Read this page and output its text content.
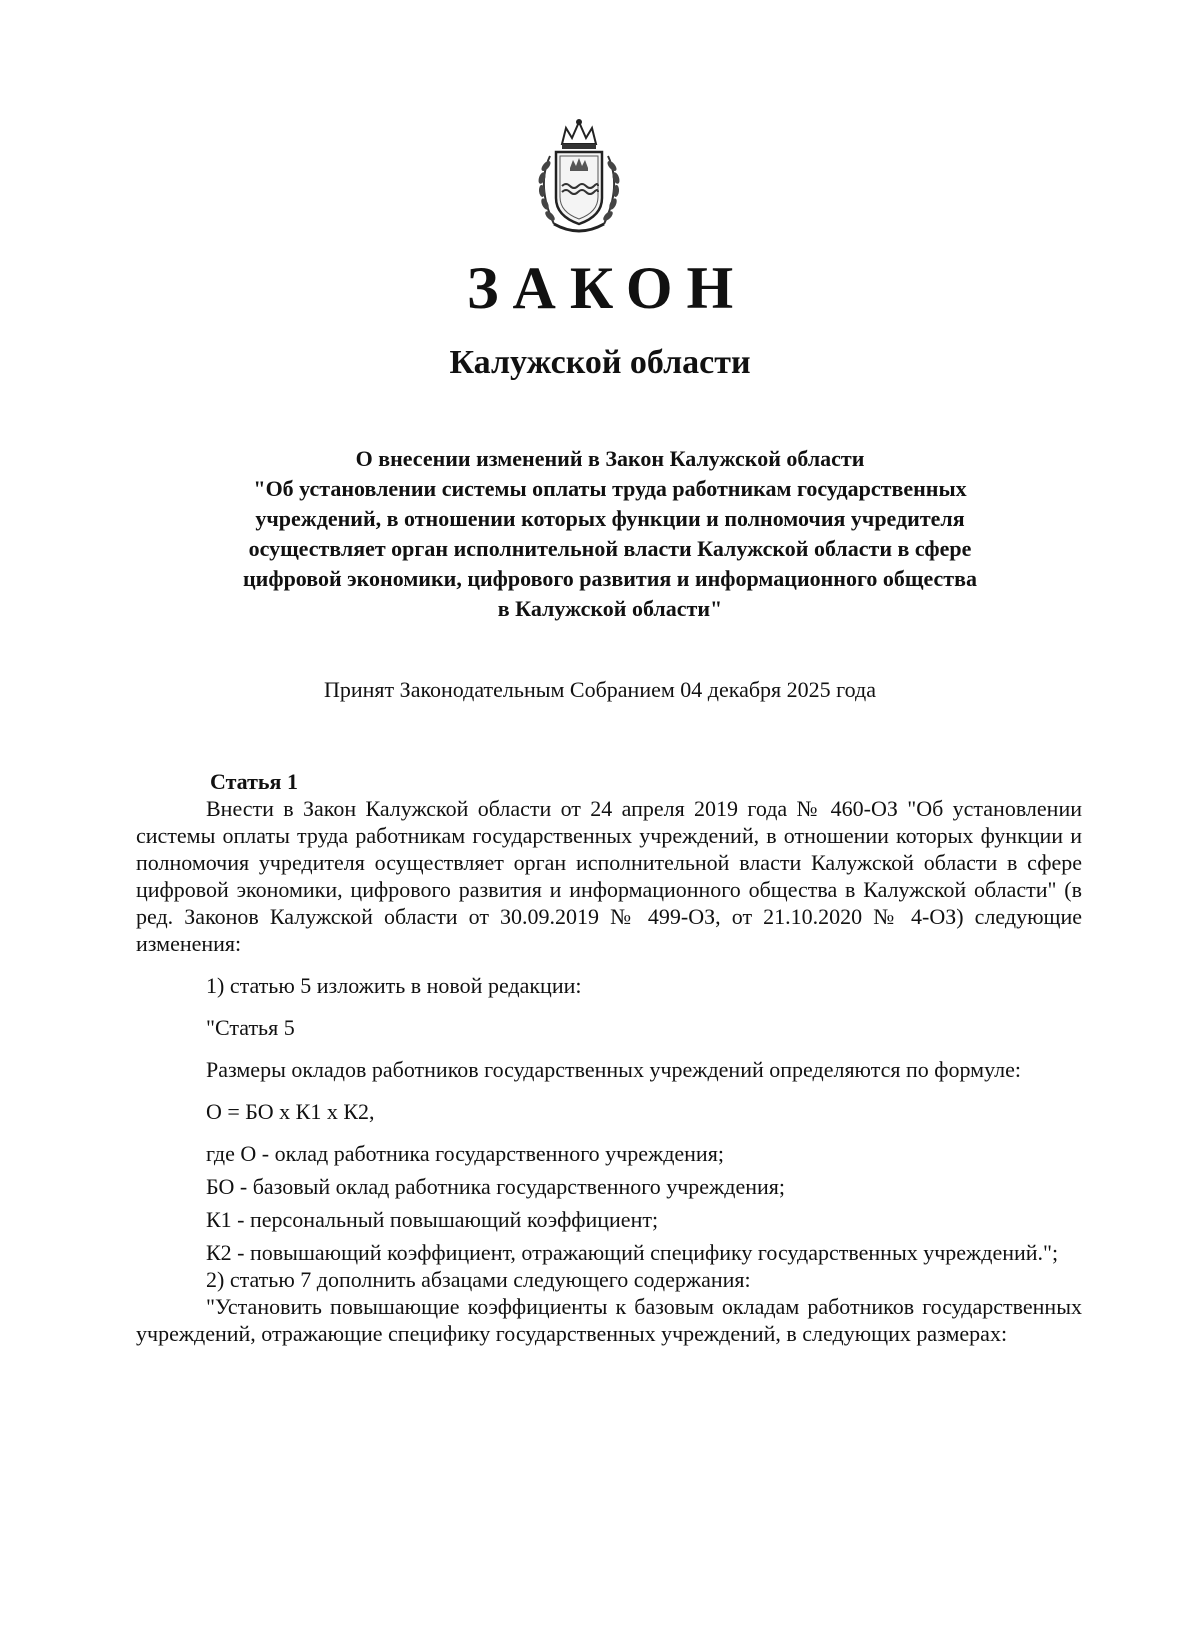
ЗАКОН
Калужской области
О внесении изменений в Закон Калужской области
"Об установлении системы оплаты труда работникам государственных
учреждений, в отношении которых функции и полномочия учредителя
осуществляет орган исполнительной власти Калужской области в сфере
цифровой экономики, цифрового развития и информационного общества
в Калужской области"
Принят Законодательным Собранием 04 декабря 2025 года
Статья 1

Внести в Закон Калужской области от 24 апреля 2019 года № 460-ОЗ "Об установлении системы оплаты труда работникам государственных учреждений, в отношении которых функции и полномочия учредителя осуществляет орган исполнительной власти Калужской области в сфере цифровой экономики, цифрового развития и информационного общества в Калужской области" (в ред. Законов Калужской области от 30.09.2019 № 499-ОЗ, от 21.10.2020 № 4-ОЗ) следующие изменения:

1) статью 5 изложить в новой редакции:

"Статья 5

Размеры окладов работников государственных учреждений определяются по формуле:

О = БО x К1 x К2,

где О - оклад работника государственного учреждения;

БО - базовый оклад работника государственного учреждения;

К1 - персональный повышающий коэффициент;

К2 - повышающий коэффициент, отражающий специфику государственных учреждений.";

2) статью 7 дополнить абзацами следующего содержания:

"Установить повышающие коэффициенты к базовым окладам работников государственных учреждений, отражающие специфику государственных учреждений, в следующих размерах:
